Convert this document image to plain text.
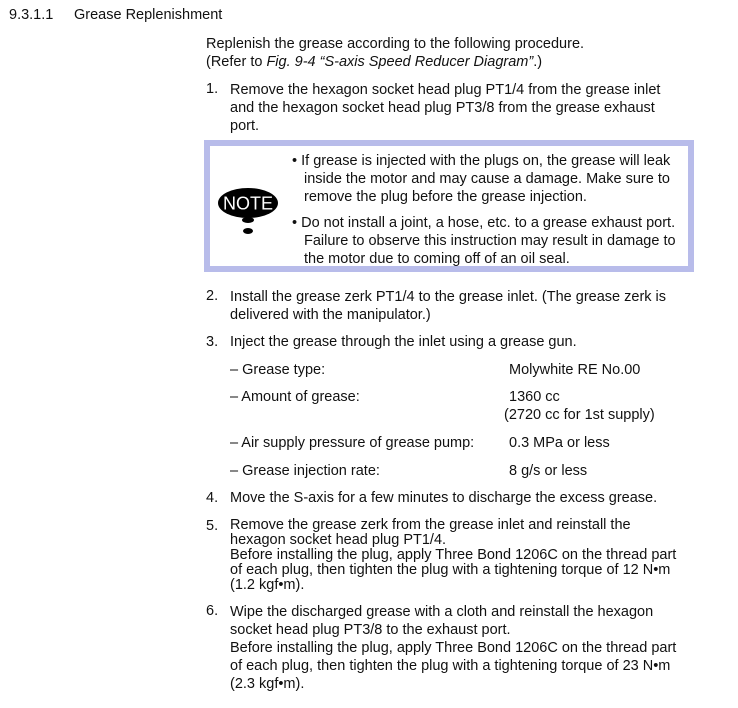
9.3.1.1 Grease Replenishment
Replenish the grease according to the following procedure.
(Refer to Fig. 9-4 “S-axis Speed Reducer Diagram”.)
1. Remove the hexagon socket head plug PT1/4 from the grease inlet
and the hexagon socket head plug PT3/8 from the grease exhaust
port.
NOTE
• If grease is injected with the plugs on, the grease will leak
inside the motor and may cause a damage. Make sure to
remove the plug before the grease injection.
• Do not install a joint, a hose, etc. to a grease exhaust port.
Failure to observe this instruction may result in damage to
the motor due to coming off of an oil seal.
2. Install the grease zerk PT1/4 to the grease inlet. (The grease zerk is
delivered with the manipulator.)
3. Inject the grease through the inlet using a grease gun.
– Grease type:	Molywhite RE No.00
– Amount of grease:	1360 cc
(2720 cc for 1st supply)
– Air supply pressure of grease pump: 0.3 MPa or less
– Grease injection rate:	8 g/s or less
4. Move the S-axis for a few minutes to discharge the excess grease.
5. Remove the grease zerk from the grease inlet and reinstall the
hexagon socket head plug PT1/4.
Before installing the plug, apply Three Bond 1206C on the thread part
of each plug, then tighten the plug with a tightening torque of 12 N•m
(1.2 kgf•m).
6. Wipe the discharged grease with a cloth and reinstall the hexagon
socket head plug PT3/8 to the exhaust port.
Before installing the plug, apply Three Bond 1206C on the thread part
of each plug, then tighten the plug with a tightening torque of 23 N•m
(2.3 kgf•m).
